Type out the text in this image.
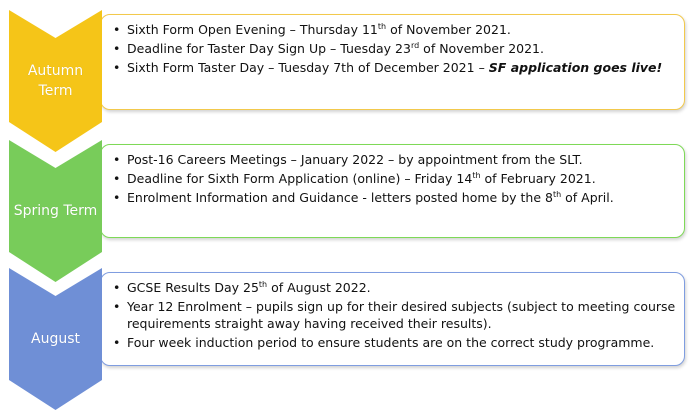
Autumn Term
• Sixth Form Open Evening – Thursday 11th of November 2021.
• Deadline for Taster Day Sign Up – Tuesday 23rd of November 2021.
• Sixth Form Taster Day – Tuesday 7th of December 2021 – SF application goes live!
Spring Term
• Post-16 Careers Meetings – January 2022 – by appointment from the SLT.
• Deadline for Sixth Form Application (online) – Friday 14th of February 2021.
• Enrolment Information and Guidance - letters posted home by the 8th of April.
August
• GCSE Results Day 25th of August 2022.
• Year 12 Enrolment – pupils sign up for their desired subjects (subject to meeting course requirements straight away having received their results).
• Four week induction period to ensure students are on the correct study programme.
